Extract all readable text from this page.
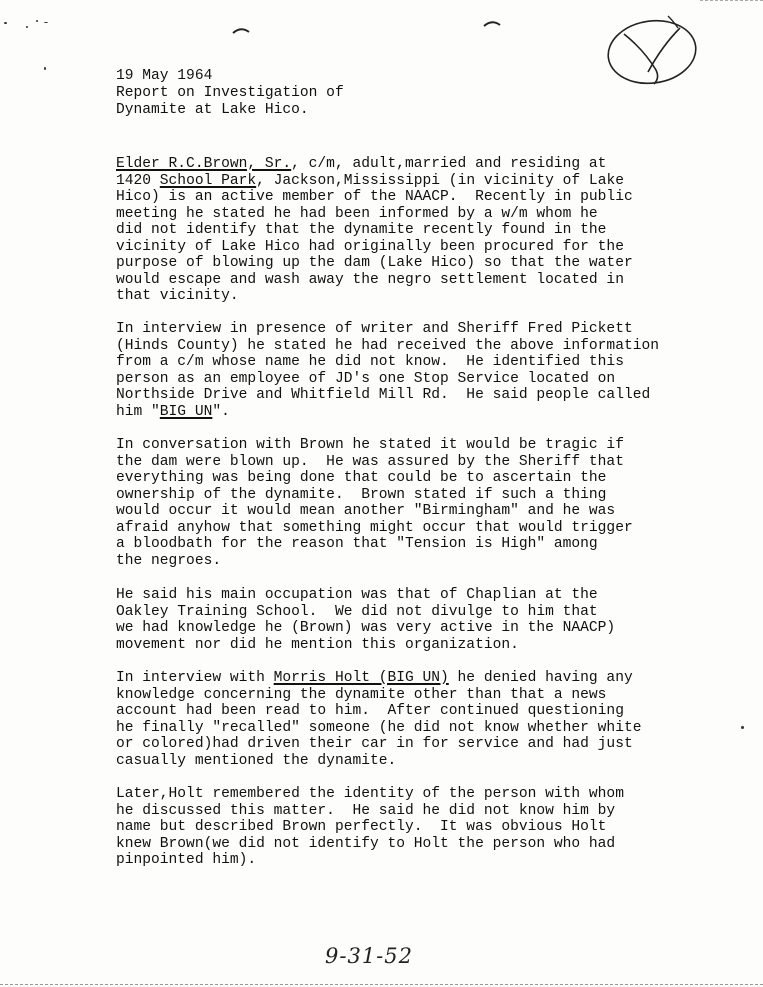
19 May 1964
Report on Investigation of
Dynamite at Lake Hico.
Elder R.C.Brown, Sr., c/m, adult,married and residing at
1420 School Park, Jackson,Mississippi (in vicinity of Lake
Hico) is an active member of the NAACP.  Recently in public
meeting he stated he had been informed by a w/m whom he
did not identify that the dynamite recently found in the
vicinity of Lake Hico had originally been procured for the
purpose of blowing up the dam (Lake Hico) so that the water
would escape and wash away the negro settlement located in
that vicinity.
In interview in presence of writer and Sheriff Fred Pickett
(Hinds County) he stated he had received the above information
from a c/m whose name he did not know.  He identified this
person as an employee of JD's one Stop Service located on
Northside Drive and Whitfield Mill Rd.  He said people called
him "BIG UN".
In conversation with Brown he stated it would be tragic if
the dam were blown up.  He was assured by the Sheriff that
everything was being done that could be to ascertain the
ownership of the dynamite.  Brown stated if such a thing
would occur it would mean another "Birmingham" and he was
afraid anyhow that something might occur that would trigger
a bloodbath for the reason that "Tension is High" among
the negroes.
He said his main occupation was that of Chaplian at the
Oakley Training School.  We did not divulge to him that
we had knowledge he (Brown) was very active in the NAACP)
movement nor did he mention this organization.
In interview with Morris Holt (BIG UN) he denied having any
knowledge concerning the dynamite other than that a news
account had been read to him.  After continued questioning
he finally "recalled" someone (he did not know whether white
or colored)had driven their car in for service and had just
casually mentioned the dynamite.
Later,Holt remembered the identity of the person with whom
he discussed this matter.  He said he did not know him by
name but described Brown perfectly.  It was obvious Holt
knew Brown(we did not identify to Holt the person who had
pinpointed him).
9-31-52
